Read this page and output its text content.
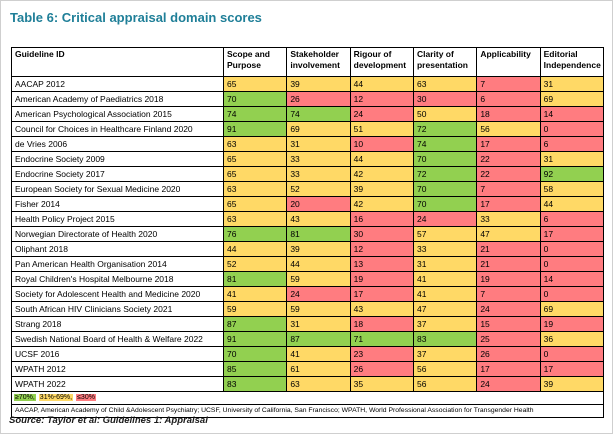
Table 6: Critical appraisal domain scores
Guideline ID	Scope and Purpose	Stakeholder involvement	Rigour of development	Clarity of presentation	Applicability	Editorial Independence
AACAP 2012	65	39	44	63	7	31
American Academy of Paediatrics 2018	70	26	12	30	6	69
American Psychological Association 2015	74	74	24	50	18	14
Council for Choices in Healthcare Finland 2020	91	69	51	72	56	0
de Vries 2006	63	31	10	74	17	6
Endocrine Society 2009	65	33	44	70	22	31
Endocrine Society 2017	65	33	42	72	22	92
European Society for Sexual Medicine 2020	63	52	39	70	7	58
Fisher 2014	65	20	42	70	17	44
Health Policy Project 2015	63	43	16	24	33	6
Norwegian Directorate of Health 2020	76	81	30	57	47	17
Oliphant 2018	44	39	12	33	21	0
Pan American Health Organisation 2014	52	44	13	31	21	0
Royal Children's Hospital Melbourne 2018	81	59	19	41	19	14
Society for Adolescent Health and Medicine 2020	41	24	17	41	7	0
South African HIV Clinicians Society 2021	59	59	43	47	24	69
Strang 2018	87	31	18	37	15	19
Swedish National Board of Health & Welfare 2022	91	87	71	83	25	36
UCSF 2016	70	41	23	37	26	0
WPATH 2012	85	61	26	56	17	17
WPATH 2022	83	63	35	56	24	39
≥70%, 31%-69%, ≤30%						
AACAP, American Academy of Child &Adolescent Psychiatry; UCSF, University of California, San Francisco; WPATH, World Professional Association for Transgender Health						
Source: Taylor et al: Guidelines 1: Appraisal
